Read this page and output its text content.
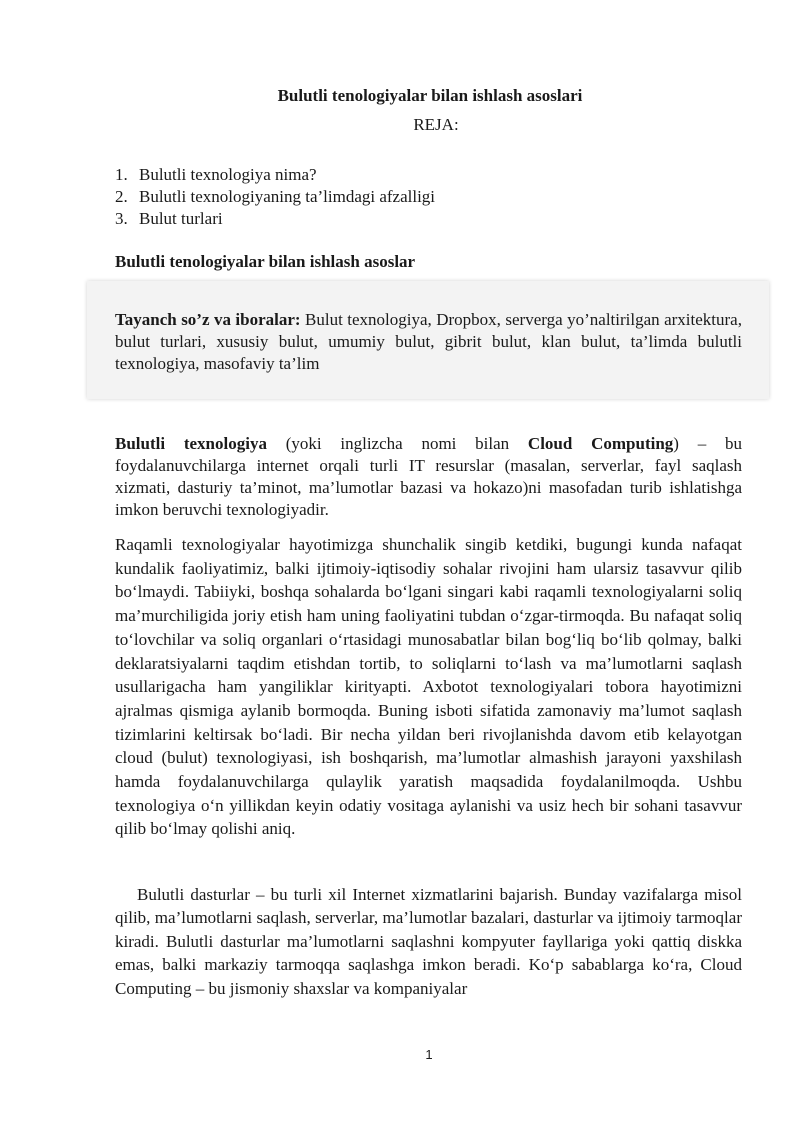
Bulutli tenologiyalar bilan ishlash asoslari
REJA:
1. Bulutli texnologiya nima?
2. Bulutli texnologiyaning ta’limdagi afzalligi
3. Bulut turlari
Bulutli tenologiyalar bilan ishlash asoslar

Tayanch so’z va iboralar: Bulut texnologiya, Dropbox, serverga yo’naltirilgan arxitektura, bulut turlari, xususiy bulut, umumiy bulut, gibrit bulut, klan bulut, ta’limda bulutli texnologiya, masofaviy ta’lim

Bulutli texnologiya (yoki inglizcha nomi bilan Cloud Computing) – bu foydalanuvchilarga internet orqali turli IT resurslar (masalan, serverlar, fayl saqlash xizmati, dasturiy ta’minot, ma’lumotlar bazasi va hokazo)ni masofadan turib ishlatishga imkon beruvchi texnologiyadir.

Raqamli texnologiyalar hayotimizga shunchalik singib ketdiki, bugungi kunda nafaqat kundalik faoliyatimiz, balki ijtimoiy-iqtisodiy sohalar rivojini ham ularsiz tasavvur qilib bo‘lmaydi. Tabiiyki, boshqa sohalarda bo‘lgani singari kabi raqamli texnologiyalarni soliq ma’murchiligida joriy etish ham uning faoliyatini tubdan o‘zgar-tirmoqda. Bu nafaqat soliq to‘lovchilar va soliq organlari o‘rtasidagi munosabatlar bilan bog‘liq bo‘lib qolmay, balki deklaratsiyalarni taqdim etishdan tortib, to soliqlarni to‘lash va ma’lumotlarni saqlash usullarigacha ham yangiliklar kirityapti. Axbotot texnologiyalari tobora hayotimizni ajralmas qismiga aylanib bormoqda. Buning isboti sifatida zamonaviy ma’lumot saqlash tizimlarini keltirsak bo‘ladi. Bir necha yildan beri rivojlanishda davom etib kelayotgan cloud (bulut) texnologiyasi, ish boshqarish, ma’lumotlar almashish jarayoni yaxshilash hamda foydalanuvchilarga qulaylik yaratish maqsadida foydalanilmoqda. Ushbu texnologiya o‘n yillikdan keyin odatiy vositaga aylanishi va usiz hech bir sohani tasavvur qilib bo‘lmay qolishi aniq.

Bulutli dasturlar – bu turli xil Internet xizmatlarini bajarish. Bunday vazifalarga misol qilib, ma’lumotlarni saqlash, serverlar, ma’lumotlar bazalari, dasturlar va ijtimoiy tarmoqlar kiradi. Bulutli dasturlar ma’lumotlarni saqlashni kompyuter fayllariga yoki qattiq diskka emas, balki markaziy tarmoqqa saqlashga imkon beradi. Ko‘p sabablarga ko‘ra, Cloud Computing – bu jismoniy shaxslar va kompaniyalar

1
